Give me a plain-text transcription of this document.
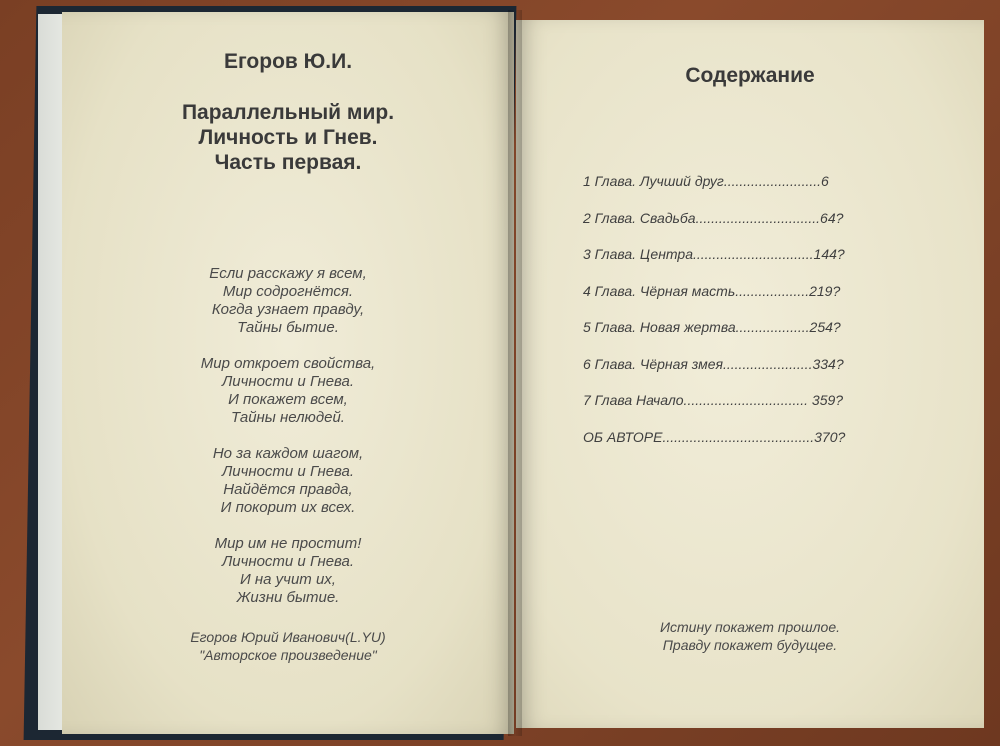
Егоров Ю.И.
Параллельный мир.
Личность и Гнев.
Часть первая.
Если расскажу я всем,
Мир содрогнётся.
Когда узнает правду,
Тайны бытие.
Мир откроет свойства,
Личности и Гнева.
И покажет всем,
Тайны нелюдей.
Но за каждом шагом,
Личности и Гнева.
Найдётся правда,
И покорит их всех.
Мир им не простит!
Личности и Гнева.
И на учит их,
Жизни бытие.
Егоров Юрий Иванович(L.YU)
"Авторское произведение"
Содержание
1 Глава. Лучший друг.........................6
2 Глава. Свадьба................................64?
3 Глава. Центра...............................144?
4 Глава. Чёрная масть...................219?
5 Глава. Новая жертва...................254?
6 Глава. Чёрная змея.......................334?
7 Глава Начало................................ 359?
ОБ АВТОРЕ.......................................370?
Истину покажет прошлое.
Правду покажет будущее.
